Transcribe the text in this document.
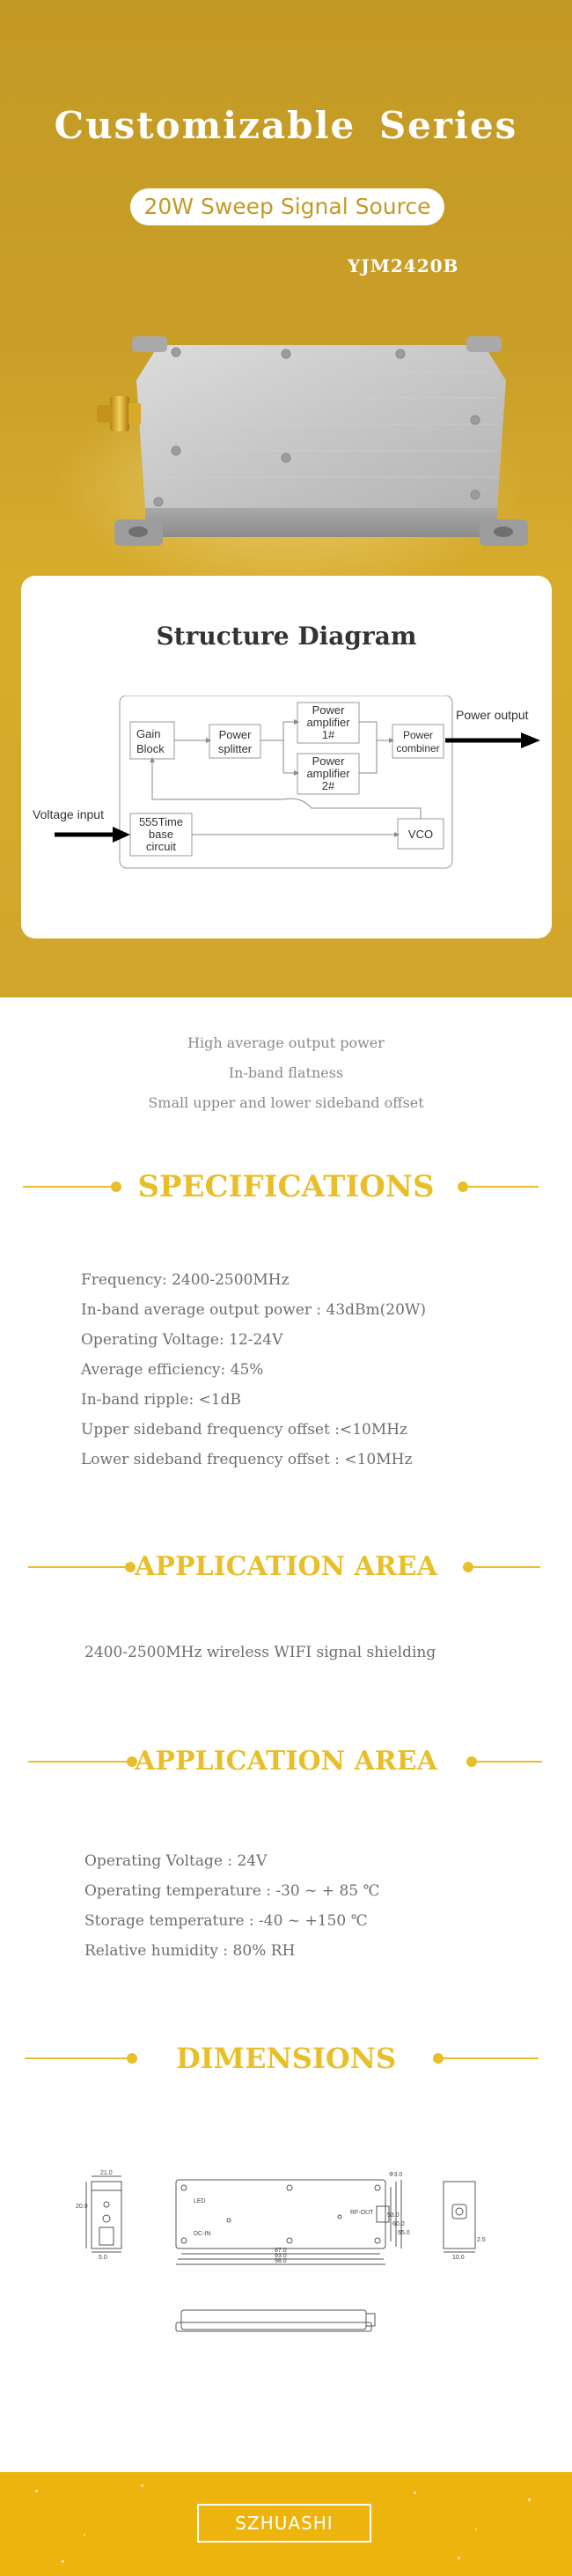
Customizable Series
20W Sweep Signal Source
YJM2420B
Structure Diagram
Gain
Block
Power
splitter
Power
amplifier
1#
Power
amplifier
2#
Power
combiner
555Time
base
circuit
VCO
Power output
Voltage input

High average output power

In-band flatness

Small upper and lower sideband offset

SPECIFICATIONS

Frequency: 2400-2500MHz

In-band average output power : 43dBm(20W)

Operating Voltage: 12-24V

Average efficiency: 45%

In-band ripple: <1dB

Upper sideband frequency offset :<10MHz

Lower sideband frequency offset : <10MHz

APPLICATION AREA

2400-2500MHz wireless WIFI signal shielding

APPLICATION AREA

Operating Voltage : 24V

Operating temperature : -30 ~ + 85 ℃

Storage temperature : -40 ~ +150 ℃

Relative humidity : 80% RH

DIMENSIONS
LED
RF-OUT
DC-IN
Φ3.0
87.0
93.0
98.0
53.0
60.0
65.0
21.0
20.0
2.5
10.0
5.0
SZHUASHI
